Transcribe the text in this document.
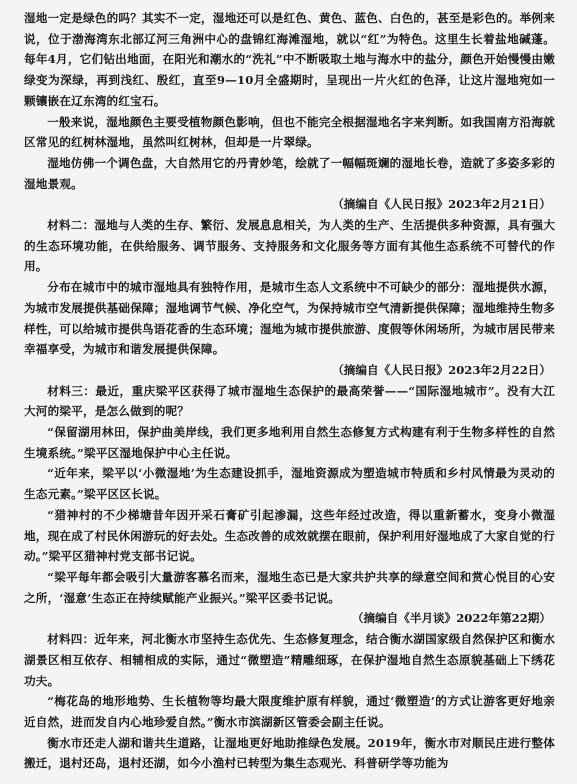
湿地一定是绿色的吗？其实不一定，湿地还可以是红色、黄色、蓝色、白色的，甚至是彩色的。举例来说，位于渤海湾东北部辽河三角洲中心的盘锦红海滩湿地，就以“红”为特色。这里生长着盐地碱蓬。每年4月，它们钻出地面，在阳光和潮水的“洗礼”中不断吸取土地与海水中的盐分，颜色开始慢慢由嫩绿变为深绿，再到浅红、殷红，直至9—10月全盛期时，呈现出一片火红的色泽，让这片湿地宛如一颗镶嵌在辽东湾的红宝石。

一般来说，湿地颜色主要受植物颜色影响，但也不能完全根据湿地名字来判断。如我国南方沿海就区常见的红树林湿地，虽然叫红树林，但却是一片翠绿。

湿地仿佛一个调色盘，大自然用它的丹青妙笔，绘就了一幅幅斑斓的湿地长卷，造就了多姿多彩的湿地景观。

（摘编自《人民日报》2023年2月21日）

材料二：湿地与人类的生存、繁衍、发展息息相关，为人类的生产、生活提供多种资源，具有强大的生态环境功能，在供给服务、调节服务、支持服务和文化服务等方面有其他生态系统不可替代的作用。

分布在城市中的城市湿地具有独特作用，是城市生态人文系统中不可缺少的部分：湿地提供水源，为城市发展提供基础保障；湿地调节气候、净化空气，为保持城市空气清新提供保障；湿地维持生物多样性，可以给城市提供鸟语花香的生态环境；湿地为城市提供旅游、度假等休闲场所，为城市居民带来幸福享受，为城市和谐发展提供保障。

（摘编自《人民日报》2023年2月22日）

材料三：最近，重庆梁平区获得了城市湿地生态保护的最高荣誉——“国际湿地城市”。没有大江大河的梁平，是怎么做到的呢？

“保留湖用林田，保护曲美岸线，我们更多地利用自然生态修复方式构建有利于生物多样性的自然生境系统。”梁平区湿地保护中心主任说。

“近年来，梁平以‘小微湿地’为生态建设抓手，湿地资源成为塑造城市特质和乡村风情最为灵动的生态元素。”梁平区区长说。

“猎神村的不少梯塘昔年因开采石膏矿引起渗漏，这些年经过改造，得以重新蓄水，变身小微湿地，现在成了村民休闲游玩的好去处。生态改善的成效就摆在眼前，保护利用好湿地成了大家自觉的行动。”梁平区猎神村党支部书记说。

“梁平每年都会吸引大量游客慕名而来，湿地生态已是大家共护共享的绿意空间和赏心悦目的心安之所，‘湿意’生态正在持续赋能产业振兴。”梁平区委书记说。

（摘编自《半月谈》2022年第22期）

材料四：近年来，河北衡水市坚持生态优先、生态修复理念，结合衡水湖国家级自然保护区和衡水湖景区相互依存、相辅相成的实际，通过“微塑造”精雕细琢，在保护湿地自然生态原貌基础上下绣花功夫。

“梅花岛的地形地势、生长植物等均最大限度维护原有样貌，通过‘微塑造’的方式让游客更好地亲近自然，进而发自内心地珍爱自然。”衡水市滨湖新区管委会副主任说。

衡水市还走人湖和谐共生道路，让湿地更好地助推绿色发展。2019年，衡水市对顺民庄进行整体搬迁，退村还岛，退村还湖，如今小渔村已转型为集生态观光、科普研学等功能为
